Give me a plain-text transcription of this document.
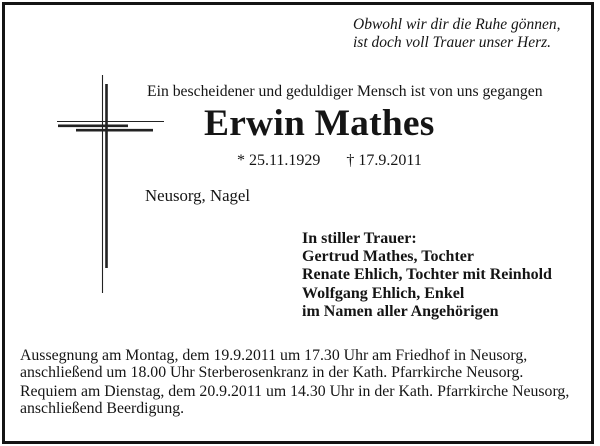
Obwohl wir dir die Ruhe gönnen,
ist doch voll Trauer unser Herz.
Ein bescheidener und geduldiger Mensch ist von uns gegangen
Erwin Mathes
* 25.11.1929 † 17.9.2011
Neusorg, Nagel
In stiller Trauer:
Gertrud Mathes, Tochter
Renate Ehlich, Tochter mit Reinhold
Wolfgang Ehlich, Enkel
im Namen aller Angehörigen
Aussegnung am Montag, dem 19.9.2011 um 17.30 Uhr am Friedhof in Neusorg,
anschließend um 18.00 Uhr Sterberosenkranz in der Kath. Pfarrkirche Neusorg.
Requiem am Dienstag, dem 20.9.2011 um 14.30 Uhr in der Kath. Pfarrkirche Neusorg,
anschließend Beerdigung.
